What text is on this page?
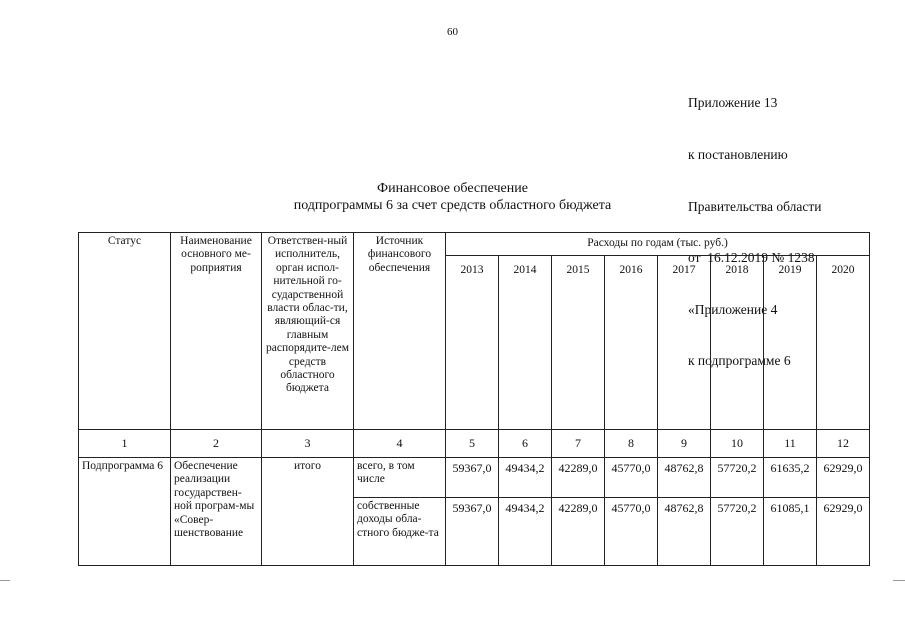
60

Приложение 13

к постановлению

Правительства области

от  16.12.2019 № 1238

«Приложение 4

к подпрограмме 6

Финансовое обеспечение
подпрограммы 6 за счет средств областного бюджета
Статус	Наименование основного ме-роприятия	Ответствен-ный исполнитель, орган испол-нительной го-сударственной власти облас-ти, являющий-ся главным распорядите-лем средств областного бюджета	Источник финансового обеспечения	Расходы по годам (тыс. руб.)							
				2013	2014	2015	2016	2017	2018	2019	2020
1	2	3	4	5	6	7	8	9	10	11	12
Подпрограмма 6	Обеспечение реализации государствен-ной програм-мы «Совер-шенствование	итого	всего, в том числе	59367,0	49434,2	42289,0	45770,0	48762,8	57720,2	61635,2	62929,0
			собственные доходы обла-стного бюдже-та	59367,0	49434,2	42289,0	45770,0	48762,8	57720,2	61085,1	62929,0
